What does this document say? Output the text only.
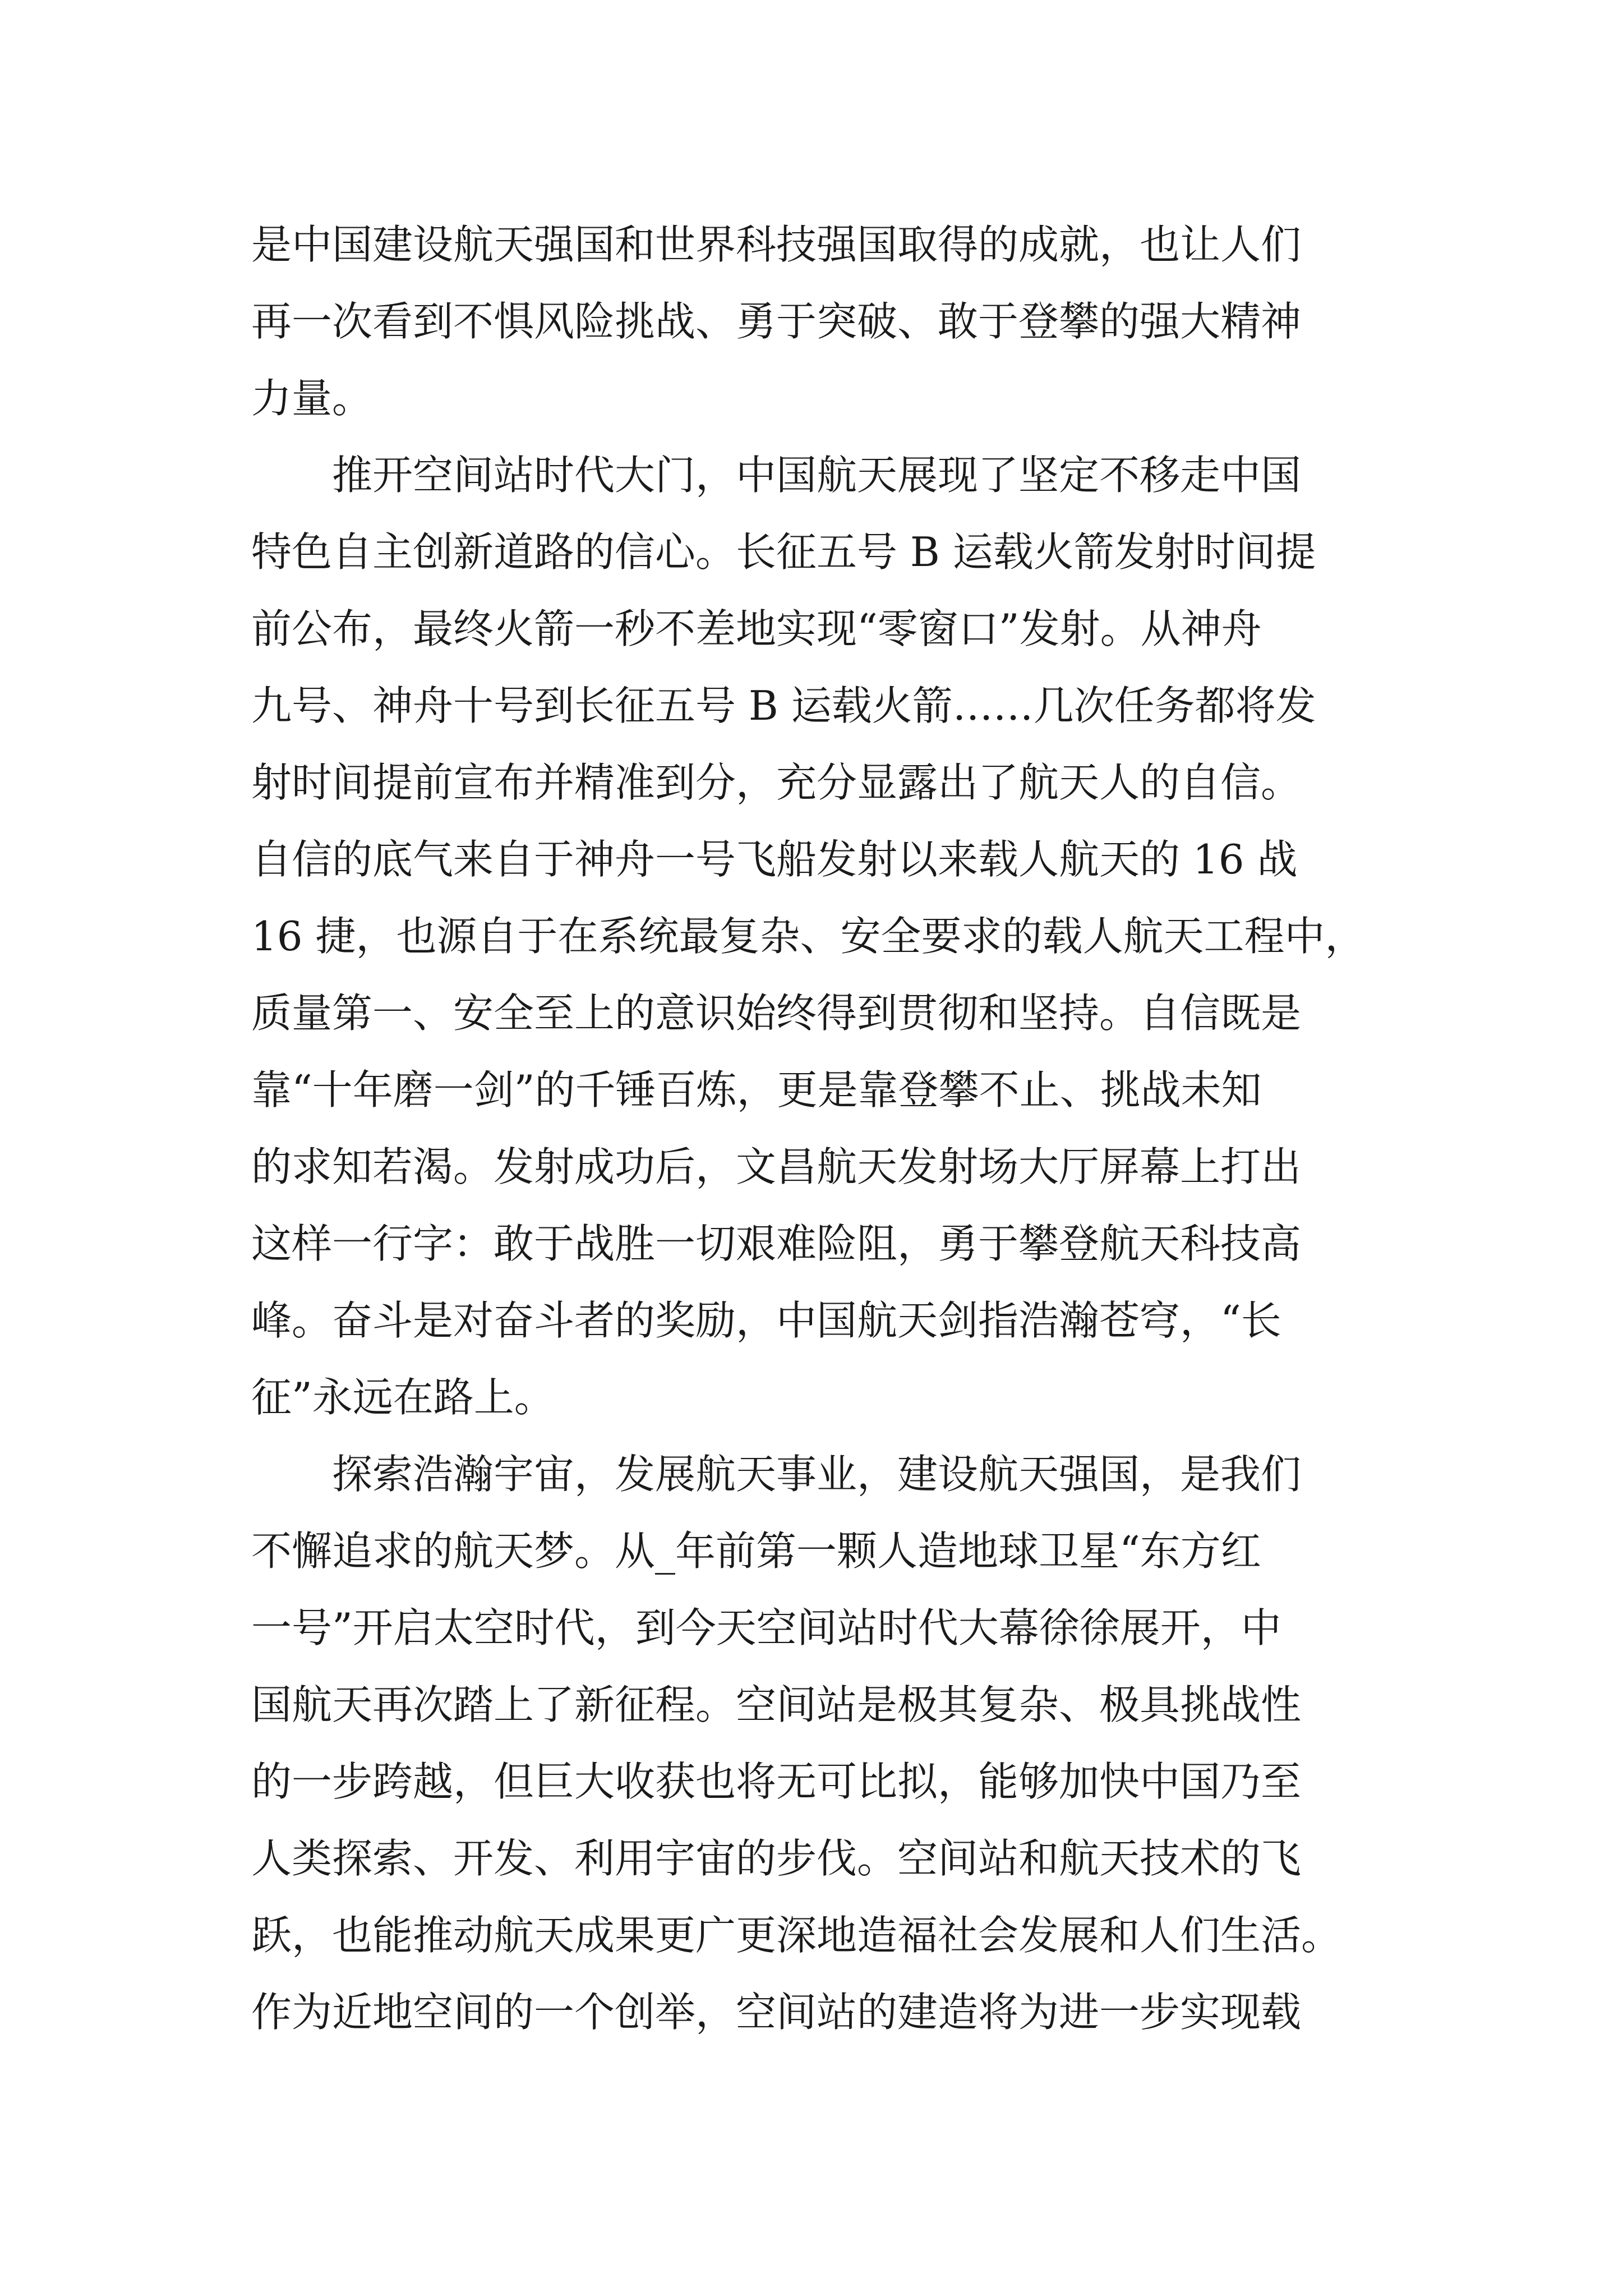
是中国建设航天强国和世界科技强国取得的成就，也让人们
再一次看到不惧风险挑战、勇于突破、敢于登攀的强大精神
力量。
　　推开空间站时代大门，中国航天展现了坚定不移走中国
特色自主创新道路的信心。长征五号 B 运载火箭发射时间提
前公布，最终火箭一秒不差地实现“零窗口”发射。从神舟
九号、神舟十号到长征五号 B 运载火箭……几次任务都将发
射时间提前宣布并精准到分，充分显露出了航天人的自信。
自信的底气来自于神舟一号飞船发射以来载人航天的 16 战
16 捷，也源自于在系统最复杂、安全要求的载人航天工程中，
质量第一、安全至上的意识始终得到贯彻和坚持。自信既是
靠“十年磨一剑”的千锤百炼，更是靠登攀不止、挑战未知
的求知若渴。发射成功后，文昌航天发射场大厅屏幕上打出
这样一行字：敢于战胜一切艰难险阻，勇于攀登航天科技高
峰。奋斗是对奋斗者的奖励，中国航天剑指浩瀚苍穹，“长
征”永远在路上。
　　探索浩瀚宇宙，发展航天事业，建设航天强国，是我们
不懈追求的航天梦。从_年前第一颗人造地球卫星“东方红
一号”开启太空时代，到今天空间站时代大幕徐徐展开，中
国航天再次踏上了新征程。空间站是极其复杂、极具挑战性
的一步跨越，但巨大收获也将无可比拟，能够加快中国乃至
人类探索、开发、利用宇宙的步伐。空间站和航天技术的飞
跃，也能推动航天成果更广更深地造福社会发展和人们生活。
作为近地空间的一个创举，空间站的建造将为进一步实现载
